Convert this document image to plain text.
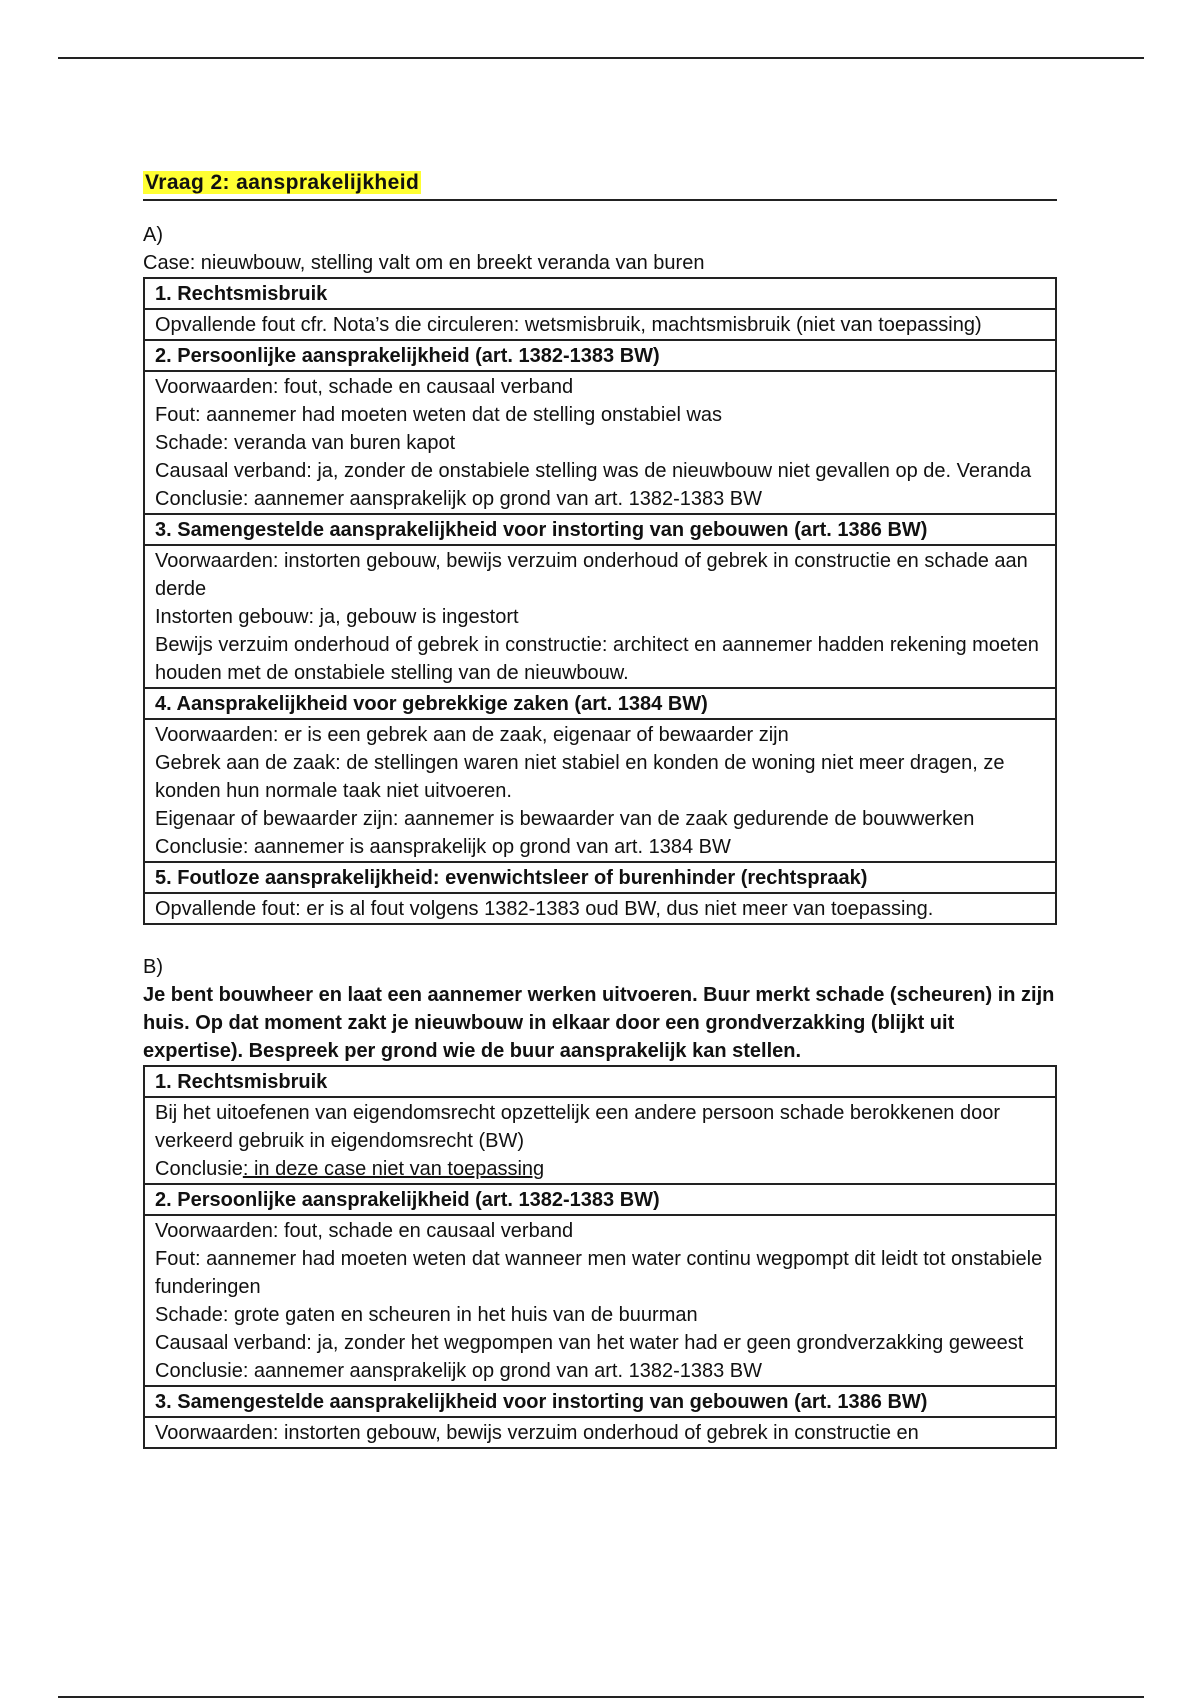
Vraag 2: aansprakelijkheid
A)
Case: nieuwbouw, stelling valt om en breekt veranda van buren
1. Rechtsmisbruik

Opvallende fout cfr. Nota’s die circuleren: wetsmisbruik, machtsmisbruik (niet van toepassing)

2. Persoonlijke aansprakelijkheid (art. 1382-1383 BW)

Voorwaarden: fout, schade en causaal verband
Fout: aannemer had moeten weten dat de stelling onstabiel was
Schade: veranda van buren kapot
Causaal verband: ja, zonder de onstabiele stelling was de nieuwbouw niet gevallen op de. Veranda
Conclusie: aannemer aansprakelijk op grond van art. 1382-1383 BW

3. Samengestelde aansprakelijkheid voor instorting van gebouwen (art. 1386 BW)

Voorwaarden: instorten gebouw, bewijs verzuim onderhoud of gebrek in constructie en schade aan derde
Instorten gebouw: ja, gebouw is ingestort
Bewijs verzuim onderhoud of gebrek in constructie: architect en aannemer hadden rekening moeten houden met de onstabiele stelling van de nieuwbouw.

4. Aansprakelijkheid voor gebrekkige zaken (art. 1384 BW)

Voorwaarden: er is een gebrek aan de zaak, eigenaar of bewaarder zijn
Gebrek aan de zaak: de stellingen waren niet stabiel en konden de woning niet meer dragen, ze konden hun normale taak niet uitvoeren.
Eigenaar of bewaarder zijn: aannemer is bewaarder van de zaak gedurende de bouwwerken Conclusie: aannemer is aansprakelijk op grond van art. 1384 BW

5. Foutloze aansprakelijkheid: evenwichtsleer of burenhinder (rechtspraak)

Opvallende fout: er is al fout volgens 1382-1383 oud BW, dus niet meer van toepassing.
B)
Je bent bouwheer en laat een aannemer werken uitvoeren. Buur merkt schade (scheuren) in zijn huis. Op dat moment zakt je nieuwbouw in elkaar door een grondverzakking (blijkt uit expertise). Bespreek per grond wie de buur aansprakelijk kan stellen.
1. Rechtsmisbruik

Bij het uitoefenen van eigendomsrecht opzettelijk een andere persoon schade berokkenen door verkeerd gebruik in eigendomsrecht (BW)
Conclusie: in deze case niet van toepassing

2. Persoonlijke aansprakelijkheid (art. 1382-1383 BW)

Voorwaarden: fout, schade en causaal verband
Fout: aannemer had moeten weten dat wanneer men water continu wegpompt dit leidt tot onstabiele funderingen
Schade: grote gaten en scheuren in het huis van de buurman
Causaal verband: ja, zonder het wegpompen van het water had er geen grondverzakking geweest Conclusie: aannemer aansprakelijk op grond van art. 1382-1383 BW

3. Samengestelde aansprakelijkheid voor instorting van gebouwen (art. 1386 BW)

Voorwaarden: instorten gebouw, bewijs verzuim onderhoud of gebrek in constructie en
